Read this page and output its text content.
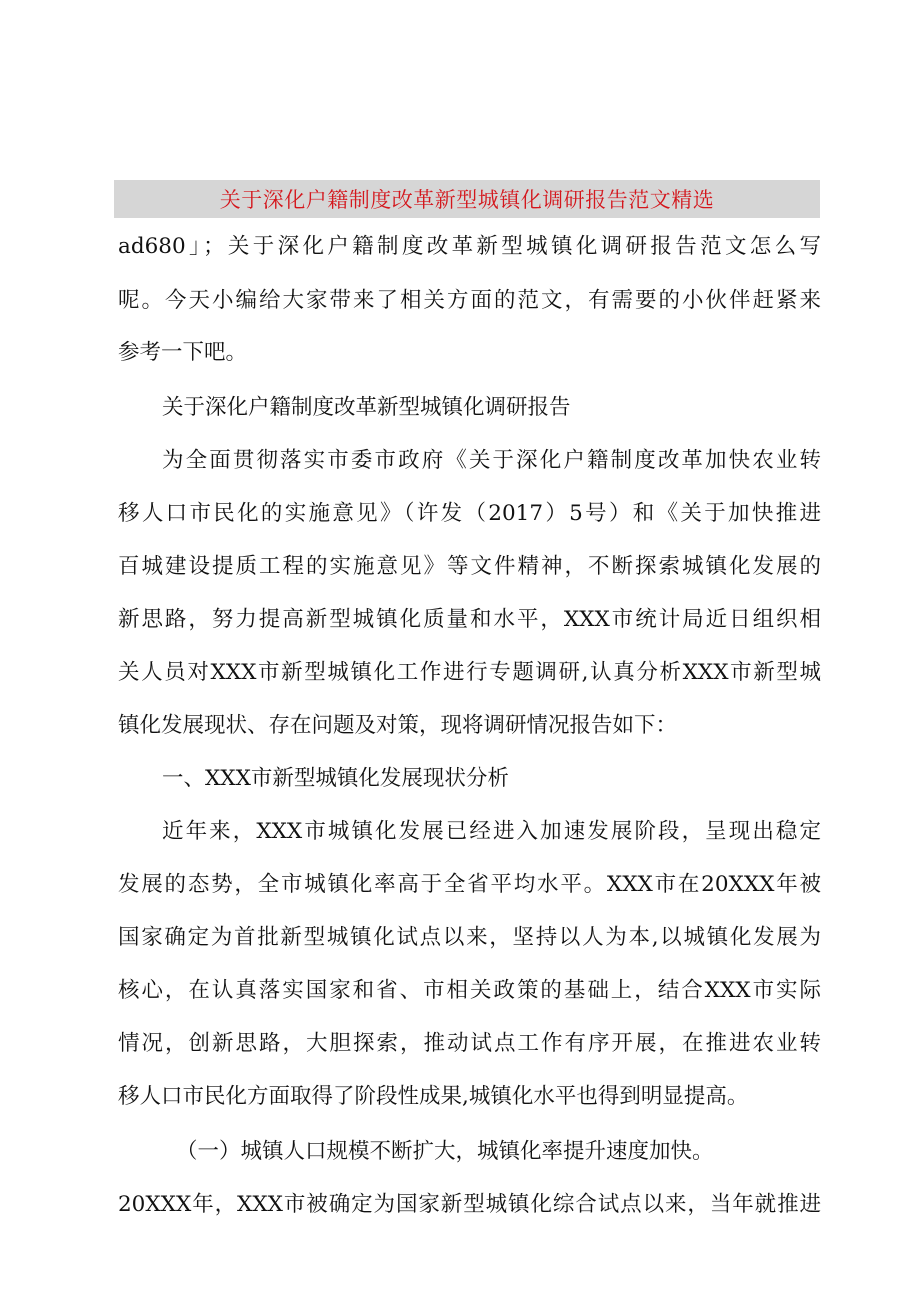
关于深化户籍制度改革新型城镇化调研报告范文精选
ad680」；关于深化户籍制度改革新型城镇化调研报告范文怎么写
呢。今天小编给大家带来了相关方面的范文，有需要的小伙伴赶紧来
参考一下吧。
关于深化户籍制度改革新型城镇化调研报告
为全面贯彻落实市委市政府《关于深化户籍制度改革加快农业转
移人口市民化的实施意见》（许发（2017）5号）和《关于加快推进
百城建设提质工程的实施意见》等文件精神，不断探索城镇化发展的
新思路，努力提高新型城镇化质量和水平，XXX市统计局近日组织相
关人员对XXX市新型城镇化工作进行专题调研,认真分析XXX市新型城
镇化发展现状、存在问题及对策，现将调研情况报告如下：
一、XXX市新型城镇化发展现状分析
近年来，XXX市城镇化发展已经进入加速发展阶段，呈现出稳定
发展的态势，全市城镇化率高于全省平均水平。XXX市在20XXX年被
国家确定为首批新型城镇化试点以来，坚持以人为本,以城镇化发展为
核心，在认真落实国家和省、市相关政策的基础上，结合XXX市实际
情况，创新思路，大胆探索，推动试点工作有序开展，在推进农业转
移人口市民化方面取得了阶段性成果,城镇化水平也得到明显提高。
（一）城镇人口规模不断扩大，城镇化率提升速度加快。
20XXX年，XXX市被确定为国家新型城镇化综合试点以来，当年就推进
